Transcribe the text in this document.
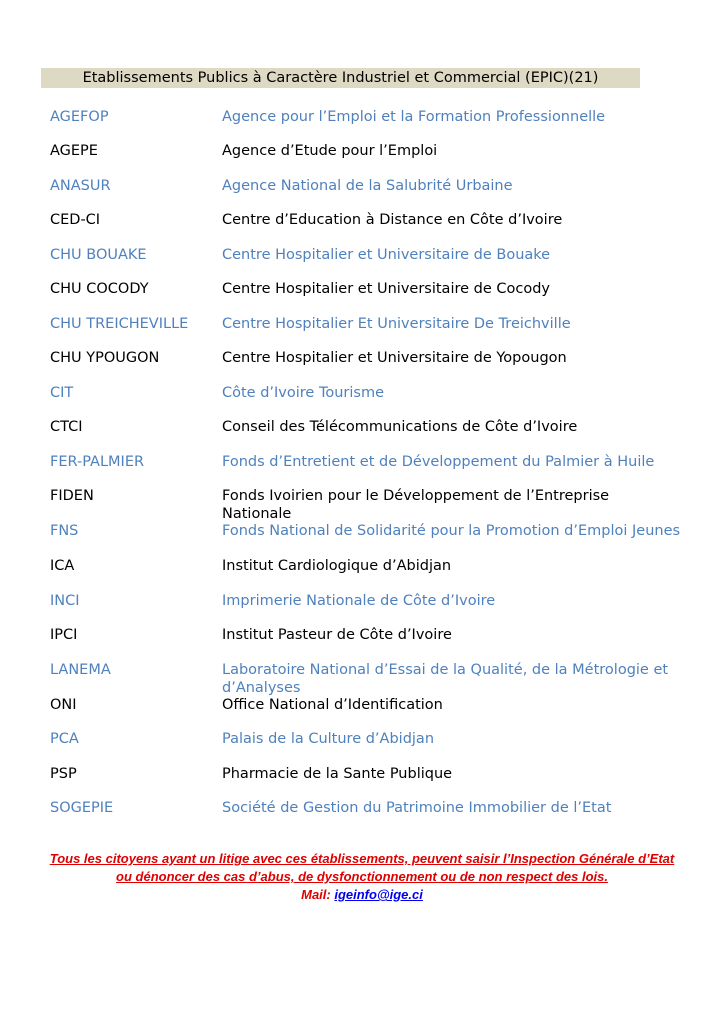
Etablissements Publics à Caractère Industriel et Commercial (EPIC)(21)
AGEFOP	Agence pour l’Emploi et la Formation Professionnelle
AGEPE	Agence d’Etude pour l’Emploi
ANASUR	Agence National de la Salubrité Urbaine
CED-CI	Centre d’Education à Distance en Côte d’Ivoire
CHU BOUAKE	Centre Hospitalier et Universitaire de Bouake
CHU COCODY	Centre Hospitalier et Universitaire de Cocody
CHU TREICHEVILLE	Centre Hospitalier Et Universitaire De Treichville
CHU YPOUGON	Centre Hospitalier et Universitaire de Yopougon
CIT	Côte d’Ivoire Tourisme
CTCI	Conseil des Télécommunications de Côte d’Ivoire
FER-PALMIER	Fonds d’Entretient et de Développement du Palmier à Huile
FIDEN	Fonds Ivoirien pour le Développement de l’Entreprise Nationale
FNS	Fonds National de Solidarité pour la Promotion d’Emploi Jeunes
ICA	Institut Cardiologique d’Abidjan
INCI	Imprimerie Nationale de Côte d’Ivoire
IPCI	Institut Pasteur de Côte d’Ivoire
LANEMA	Laboratoire National d’Essai de la Qualité, de la Métrologie et d’Analyses
ONI	Office National d’Identification
PCA	Palais de la Culture d’Abidjan
PSP	Pharmacie de la Sante Publique
SOGEPIE	Société de Gestion du Patrimoine Immobilier de l’Etat
Tous les citoyens ayant un litige avec ces établissements, peuvent saisir l’Inspection Générale d’Etat
ou dénoncer des cas d’abus, de dysfonctionnement ou de non respect des lois.
Mail: igeinfo@ige.ci
